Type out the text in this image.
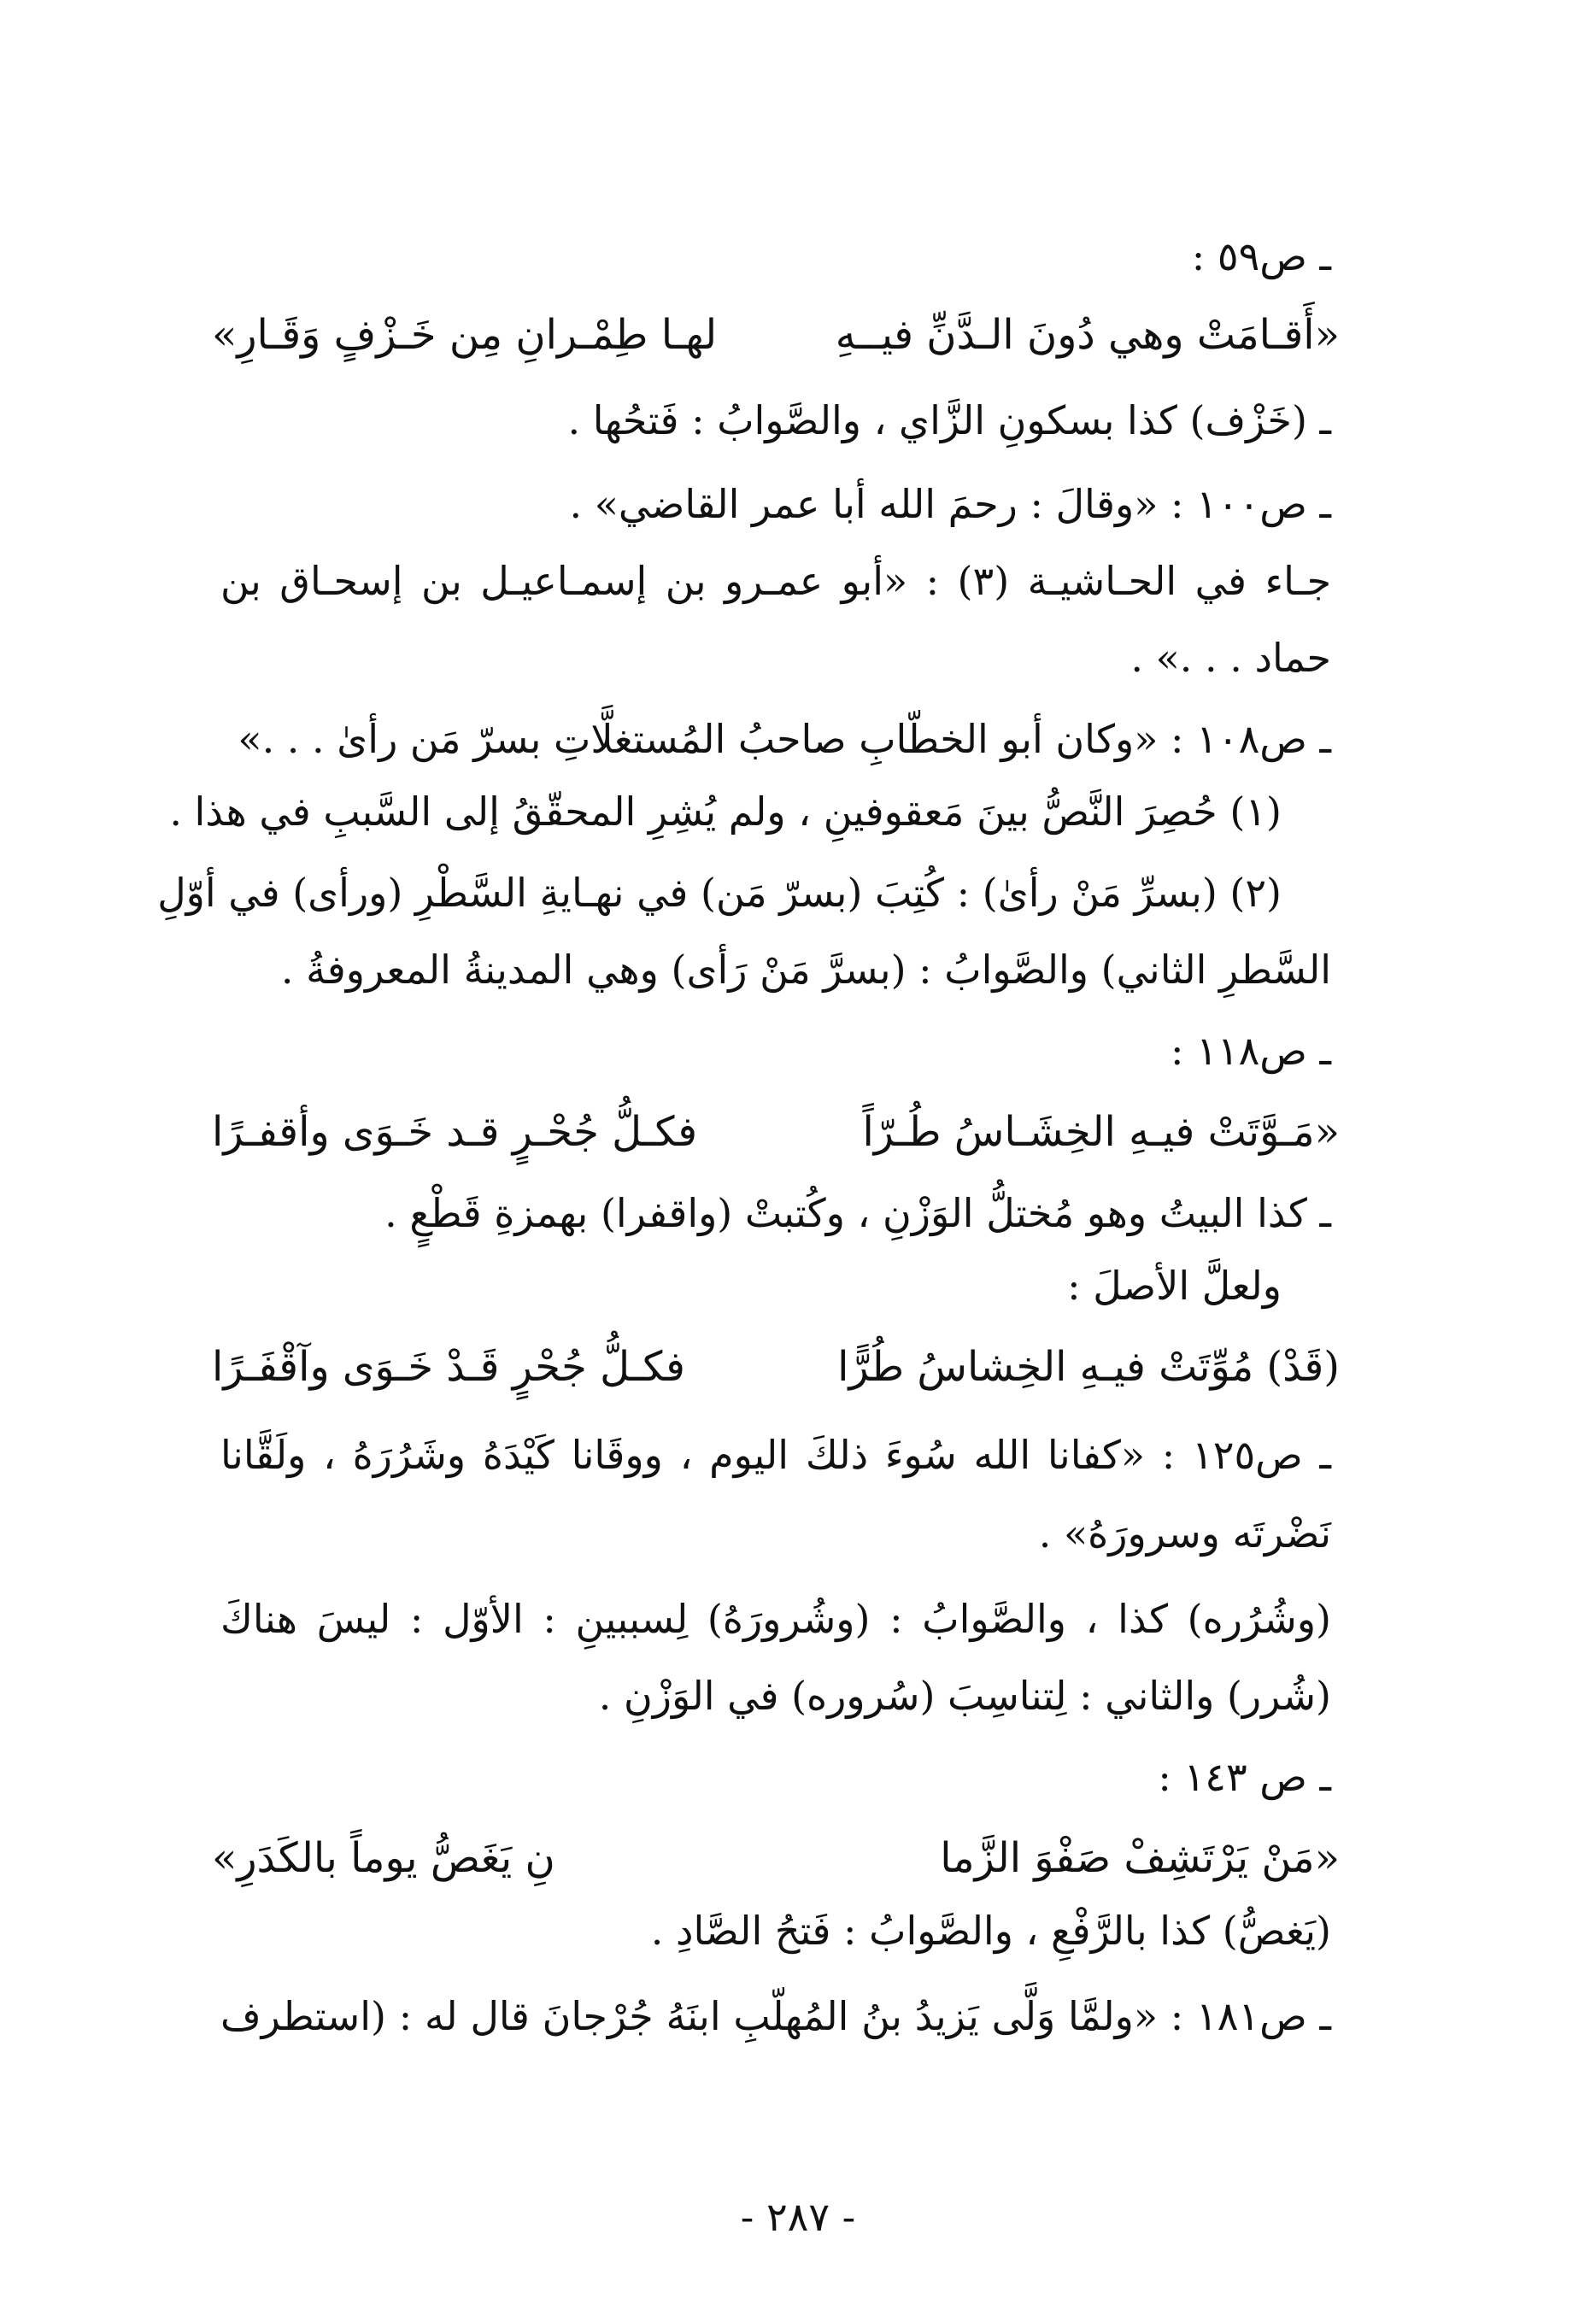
ـ ص٥٩ :
«أَقـامَتْ وهي دُونَ الـدَّنِّ فيــهِ
لهـا طِمْـرانِ مِن خَـزْفٍ وَقَـارِ»
ـ (خَزْف) كذا بسكونِ الزَّاي ، والصَّوابُ : فَتحُها .
ـ ص١٠٠ : «وقالَ : رحمَ الله أبا عمر القاضي» .
جـاء في الحـاشيـة (٣) : «أبو عمـرو بن إسمـاعيـل بن إسحـاق بن
حماد . . .» .
ـ ص١٠٨ : «وكان أبو الخطّابِ صاحبُ المُستغلَّاتِ بسرّ مَن رأىٰ . . .»
(١) حُصِرَ النَّصُّ بينَ مَعقوفينِ ، ولم يُشِرِ المحقّقُ إلى السَّببِ في هذا .
(٢) (بسرِّ مَنْ رأىٰ) : كُتِبَ (بسرّ مَن) في نهـايةِ السَّطْرِ (ورأى) في أوّلِ
السَّطرِ الثاني) والصَّوابُ : (بسرَّ مَنْ رَأى) وهي المدينةُ المعروفةُ .
ـ ص١١٨ :
«مَـوَّتَتْ فيـهِ الخِشَـاسُ طُـرّاً
فكـلُّ جُحْـرٍ قـد خَـوَى وأقفـرًا
ـ كذا البيتُ وهو مُختلُّ الوَزْنِ ، وكُتبتْ (واقفرا) بهمزةِ قَطْعٍ .
ولعلَّ الأصلَ :
(قَدْ) مُوِّتَتْ فيـهِ الخِشاسُ طُرًّا
فكـلُّ جُحْرٍ قَـدْ خَـوَى وآقْفَـرًا
ـ ص١٢٥ : «كفانا الله سُوءَ ذلكَ اليوم ، ووقَانا كَيْدَهُ وشَرُرَهُ ، ولَقَّانا
نَضْرتَه وسرورَهُ» .
(وشُرُره) كذا ، والصَّوابُ : (وشُرورَهُ) لِسببينِ : الأوّل : ليسَ هناكَ
(شُرر) والثاني : لِتناسِبَ (سُروره) في الوَزْنِ .
ـ ص ١٤٣ :
«مَنْ يَرْتَشِفْ صَفْوَ الزَّما
نِ يَغَصُّ يوماً بالكَدَرِ»
(يَغصُّ) كذا بالرَّفْعِ ، والصَّوابُ : فَتحُ الصَّادِ .
ـ ص١٨١ : «ولمَّا وَلَّى يَزيدُ بنُ المُهلّبِ ابنَهُ جُرْجانَ قال له : (استطرف
- ٢٨٧ -
